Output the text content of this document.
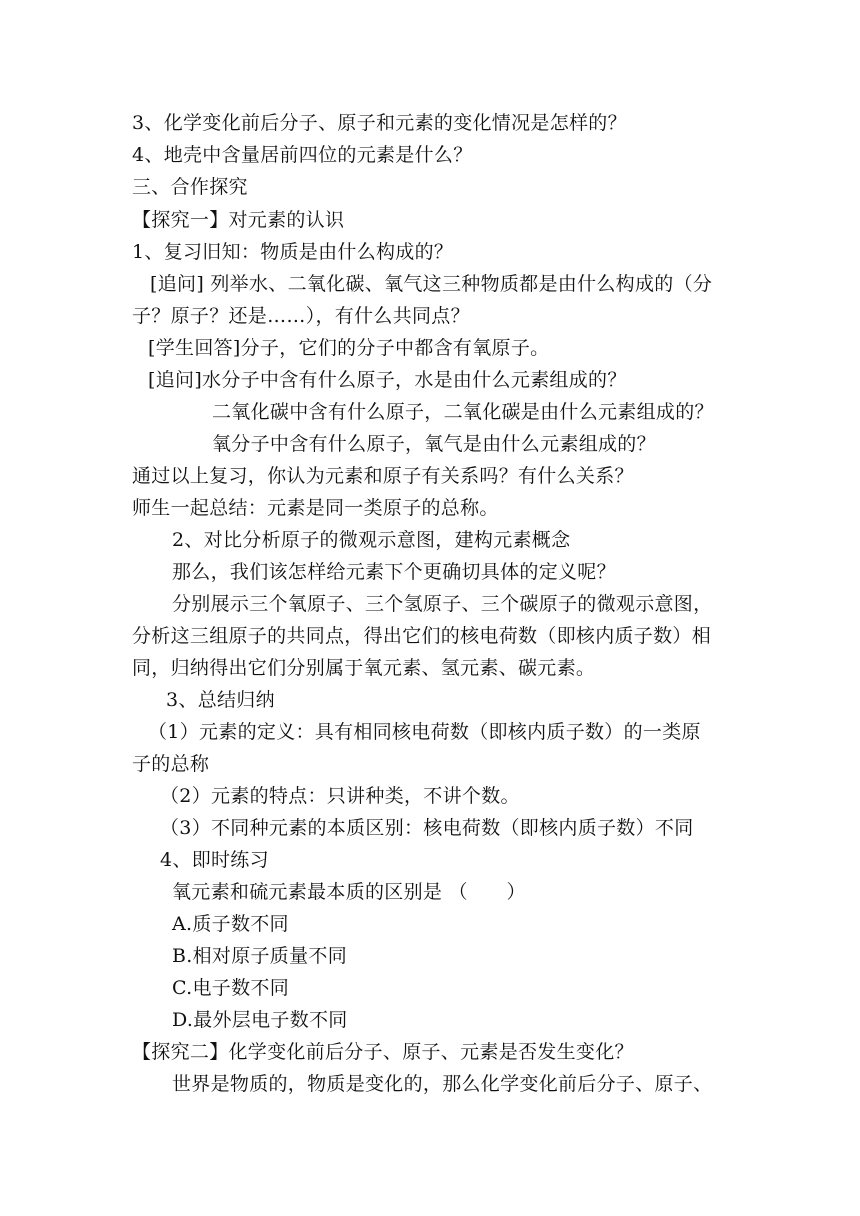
3、化学变化前后分子、原子和元素的变化情况是怎样的？
4、地壳中含量居前四位的元素是什么？
三、合作探究
【探究一】对元素的认识
1、复习旧知：物质是由什么构成的？
[追问] 列举水、二氧化碳、氧气这三种物质都是由什么构成的（分
子？原子？还是……），有什么共同点？
[学生回答]分子，它们的分子中都含有氧原子。
[追问]水分子中含有什么原子，水是由什么元素组成的？
二氧化碳中含有什么原子，二氧化碳是由什么元素组成的？
氧分子中含有什么原子，氧气是由什么元素组成的？
通过以上复习，你认为元素和原子有关系吗？有什么关系？
师生一起总结：元素是同一类原子的总称。
2、对比分析原子的微观示意图，建构元素概念
那么，我们该怎样给元素下个更确切具体的定义呢？
分别展示三个氧原子、三个氢原子、三个碳原子的微观示意图，
分析这三组原子的共同点，得出它们的核电荷数（即核内质子数）相
同，归纳得出它们分别属于氧元素、氢元素、碳元素。
3、总结归纳
（1）元素的定义：具有相同核电荷数（即核内质子数）的一类原
子的总称
（2）元素的特点：只讲种类，不讲个数。
（3）不同种元素的本质区别：核电荷数（即核内质子数）不同
4、即时练习
氧元素和硫元素最本质的区别是 （　　）
A.质子数不同
B.相对原子质量不同
C.电子数不同
D.最外层电子数不同
【探究二】化学变化前后分子、原子、元素是否发生变化？
世界是物质的，物质是变化的，那么化学变化前后分子、原子、
